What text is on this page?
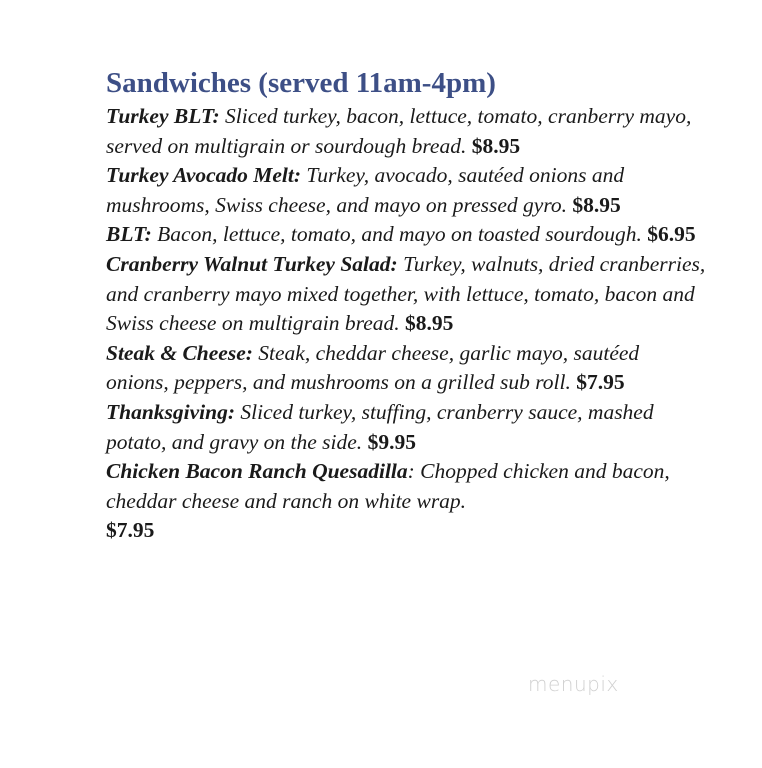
Sandwiches (served 11am-4pm)

Turkey BLT: Sliced turkey, bacon, lettuce, tomato, cranberry mayo, served on multigrain or sourdough bread. $8.95

Turkey Avocado Melt: Turkey, avocado, sautéed onions and mushrooms, Swiss cheese, and mayo on pressed gyro. $8.95

BLT: Bacon, lettuce, tomato, and mayo on toasted sourdough. $6.95

Cranberry Walnut Turkey Salad: Turkey, walnuts, dried cranberries, and cranberry mayo mixed together, with lettuce, tomato, bacon and Swiss cheese on multigrain bread. $8.95

Steak & Cheese: Steak, cheddar cheese, garlic mayo, sautéed onions, peppers, and mushrooms on a grilled sub roll. $7.95

Thanksgiving: Sliced turkey, stuffing, cranberry sauce, mashed potato, and gravy on the side. $9.95

Chicken Bacon Ranch Quesadilla: Chopped chicken and bacon, cheddar cheese and ranch on white wrap.
$7.95

menupix
